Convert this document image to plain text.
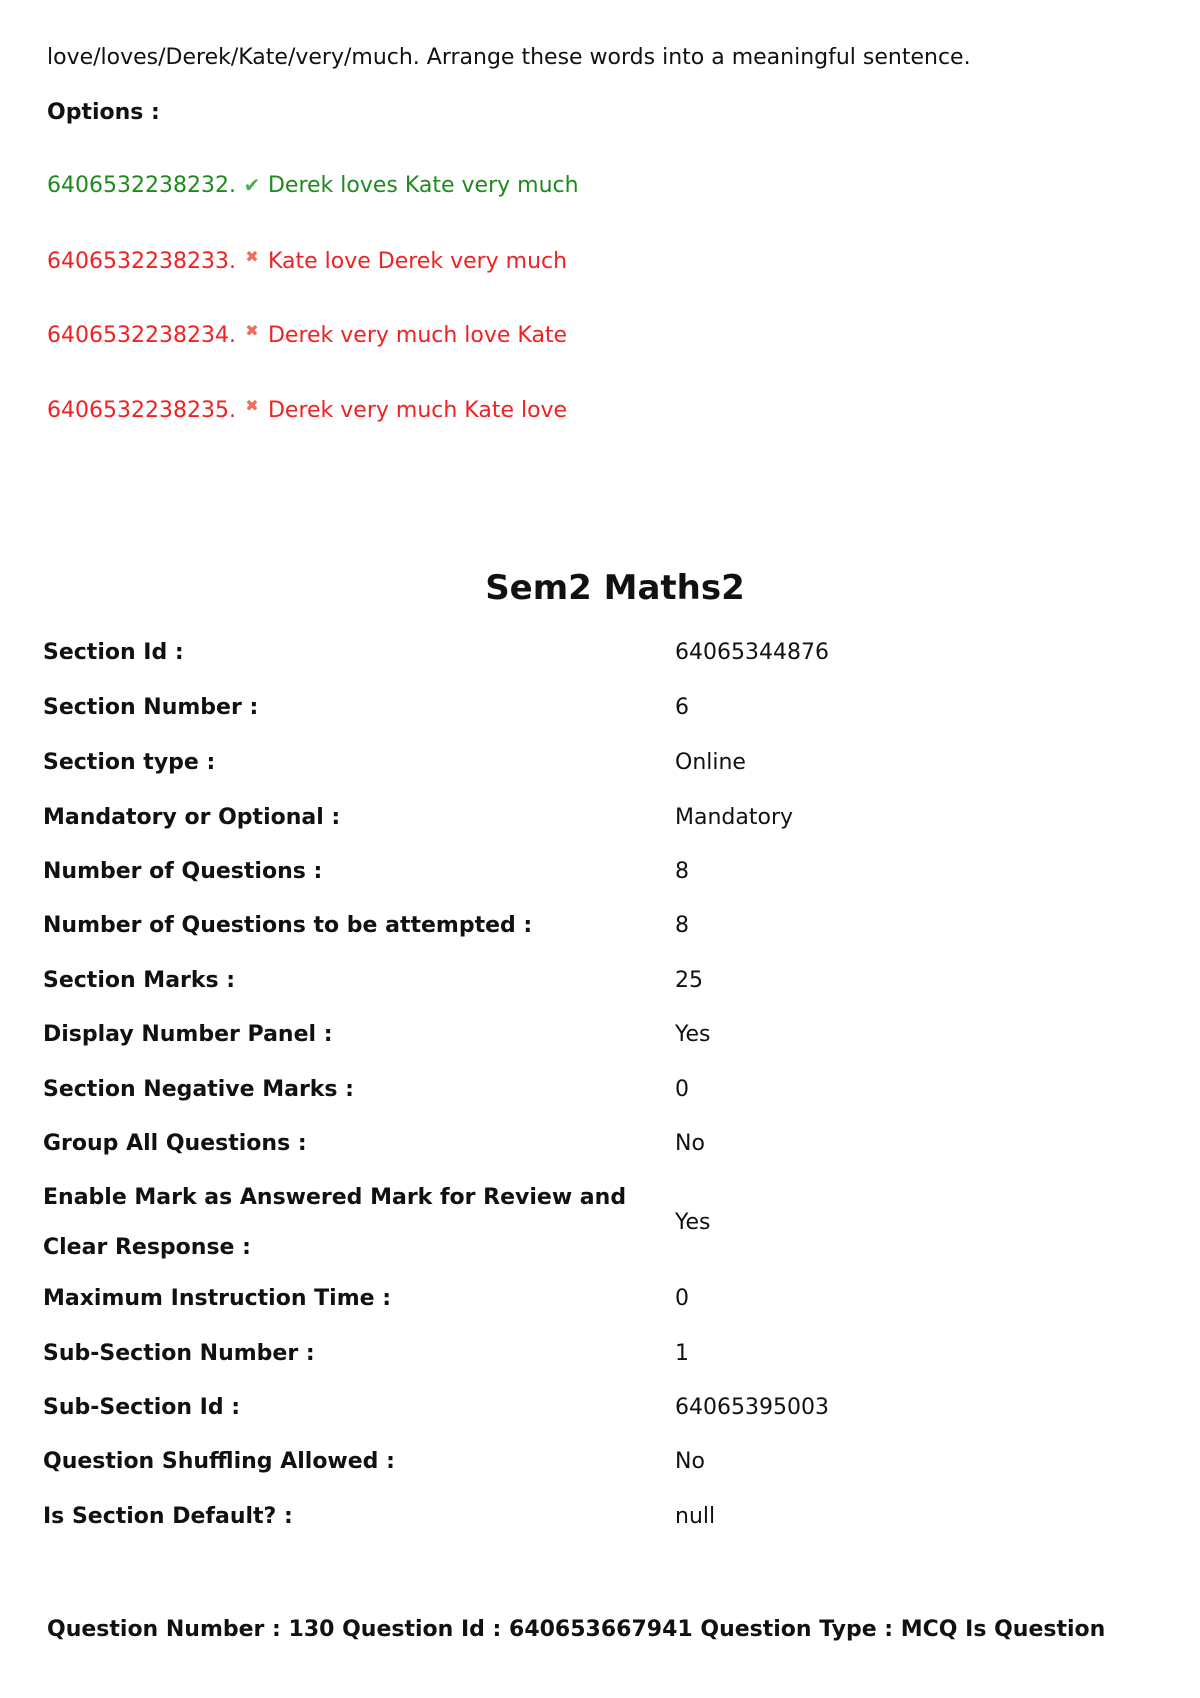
love/loves/Derek/Kate/very/much. Arrange these words into a meaningful sentence.
Options :
6406532238232. ✔ Derek loves Kate very much
6406532238233. ✖ Kate love Derek very much
6406532238234. ✖ Derek very much love Kate
6406532238235. ✖ Derek very much Kate love
Sem2 Maths2
Section Id :	64065344876
Section Number :	6
Section type :	Online
Mandatory or Optional :	Mandatory
Number of Questions :	8
Number of Questions to be attempted :	8
Section Marks :	25
Display Number Panel :	Yes
Section Negative Marks :	0
Group All Questions :	No
Enable Mark as Answered Mark for Review and
Clear Response :
Yes
Maximum Instruction Time :	0
Sub-Section Number :	1
Sub-Section Id :	64065395003
Question Shuffling Allowed :	No
Is Section Default? :	null
Question Number : 130 Question Id : 640653667941 Question Type : MCQ Is Question
